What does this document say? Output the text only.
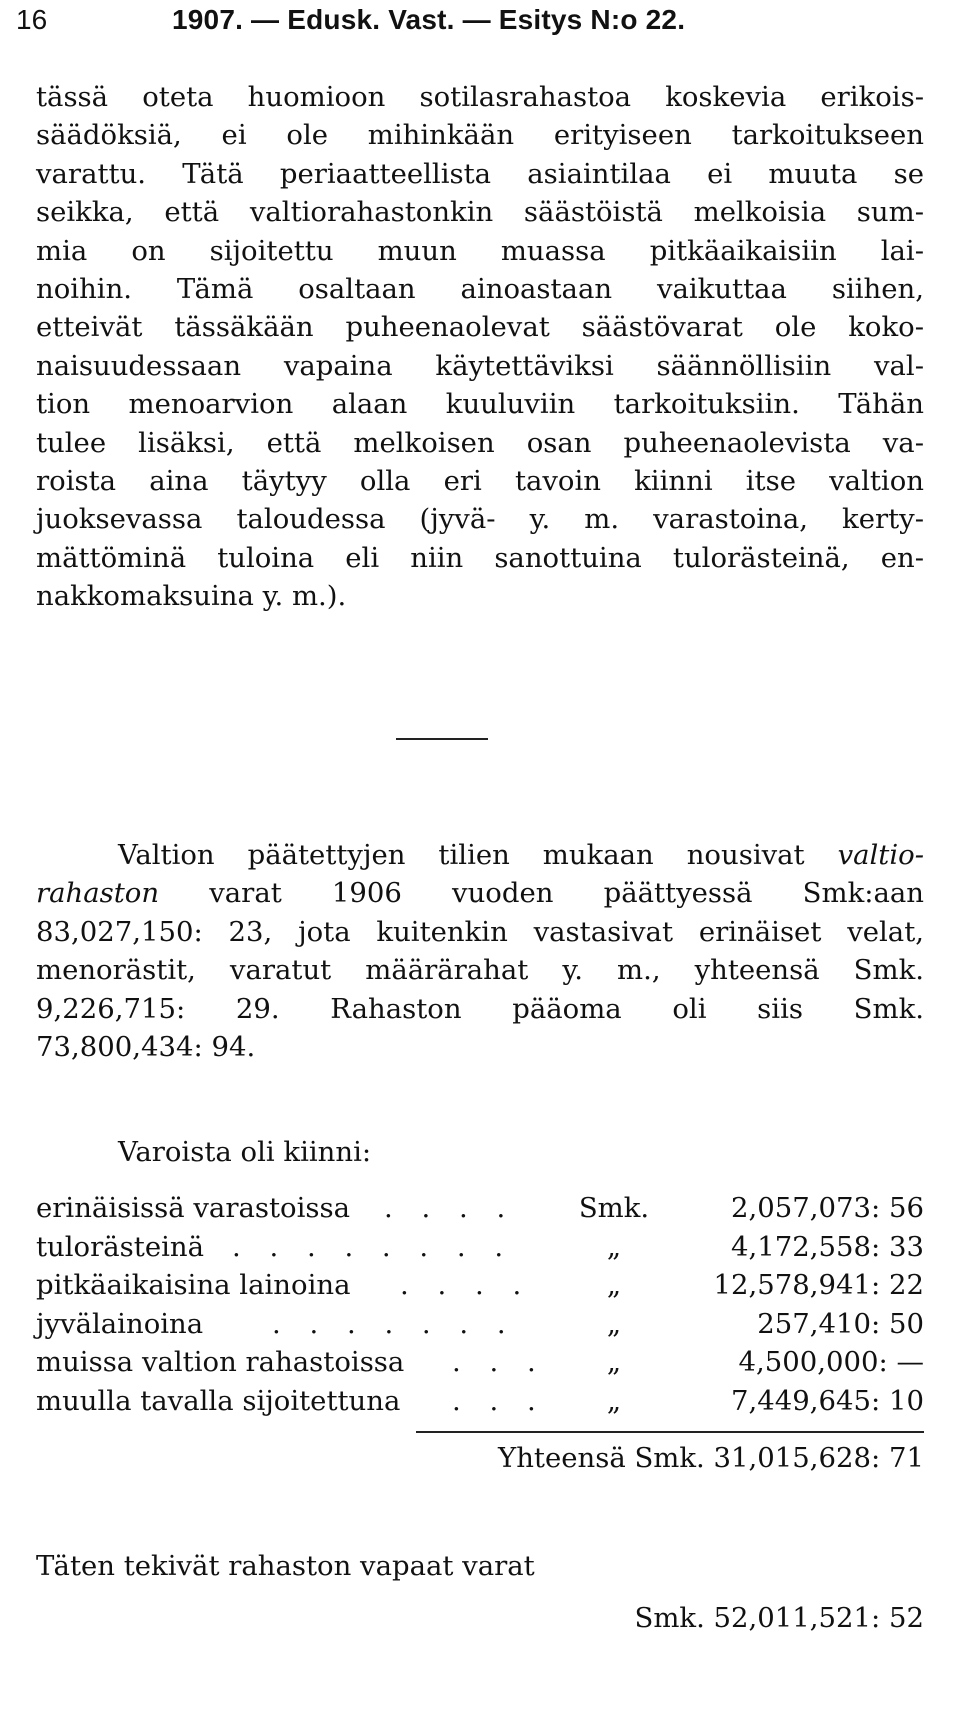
16	1907. — Edusk. Vast. — Esitys N:o 22.
tässä oteta huomioon sotilasrahastoa koskevia erikois-
säädöksiä, ei ole mihinkään erityiseen tarkoitukseen
varattu. Tätä periaatteellista asiaintilaa ei muuta se
seikka, että valtiorahastonkin säästöistä melkoisia sum-
mia on sijoitettu muun muassa pitkäaikaisiin lai-
noihin. Tämä osaltaan ainoastaan vaikuttaa siihen,
etteivät tässäkään puheenaolevat säästövarat ole koko-
naisuudessaan vapaina käytettäviksi säännöllisiin val-
tion menoarvion alaan kuuluviin tarkoituksiin. Tähän
tulee lisäksi, että melkoisen osan puheenaolevista va-
roista aina täytyy olla eri tavoin kiinni itse valtion
juoksevassa taloudessa (jyvä- y. m. varastoina, kerty-
mättöminä tuloina eli niin sanottuina tulorästeinä, en-
nakkomaksuina y. m.).
Valtion päätettyjen tilien mukaan nousivat valtio-
rahaston varat 1906 vuoden päättyessä Smk:aan
83,027,150: 23, jota kuitenkin vastasivat erinäiset velat,
menorästit, varatut määrärahat y. m., yhteensä Smk.
9,226,715: 29. Rahaston pääoma oli siis Smk.
73,800,434: 94.
Varoista oli kiinni:
erinäisissä varastoissa . . . .	Smk.	2,057,073: 56
tulorästeinä . . . . . . . .	„	4,172,558: 33
pitkäaikaisina lainoina . . . .	„	12,578,941: 22
jyvälainoina	. . . . . . .	„	257,410: 50
muissa valtion rahastoissa . . .	„	4,500,000: —
muulla tavalla sijoitettuna . . .	„	7,449,645: 10
Yhteensä Smk. 31,015,628: 71
Täten tekivät rahaston vapaat varat
Smk. 52,011,521: 52
